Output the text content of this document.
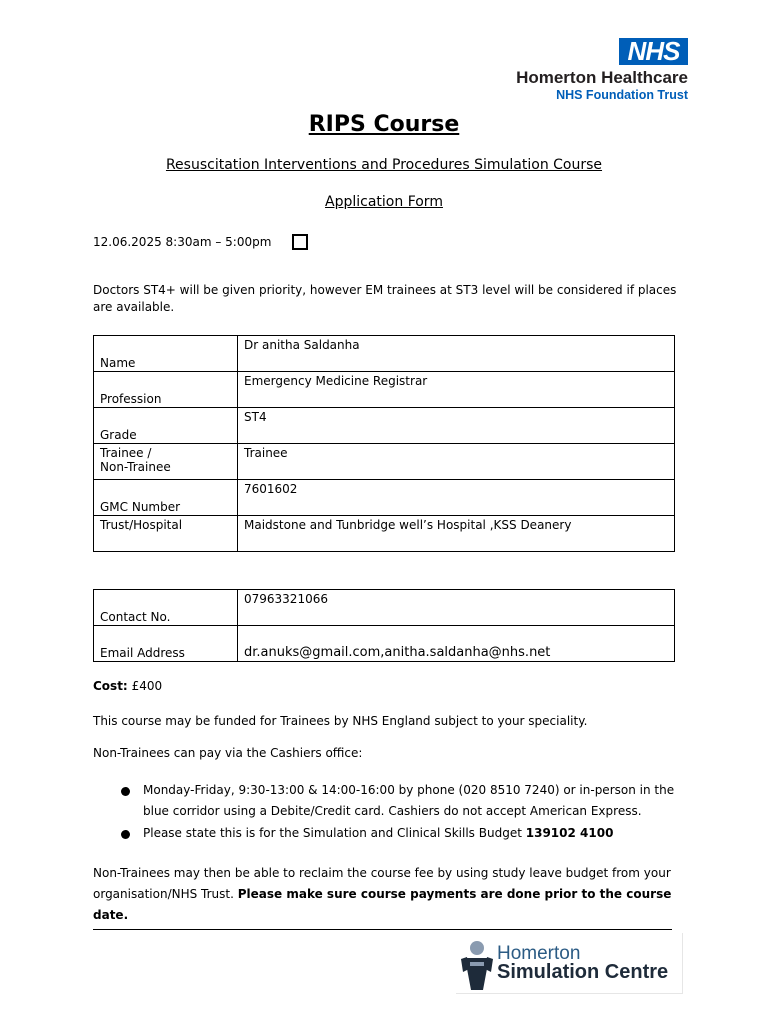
NHS
Homerton Healthcare
NHS Foundation Trust
RIPS Course
Resuscitation Interventions and Procedures Simulation Course
Application Form
12.06.2025 8:30am – 5:00pm
Doctors ST4+ will be given priority, however EM trainees at ST3 level will be considered if places are available.
Name	Dr anitha Saldanha

Profession	Emergency Medicine Registrar

Grade	ST4

Trainee /
Non-Trainee	Trainee

GMC Number	7601602

Trust/Hospital	Maidstone and Tunbridge well’s Hospital ,KSS Deanery
Contact No.	07963321066

Email Address	dr.anuks@gmail.com,anitha.saldanha@nhs.net
Cost: £400
This course may be funded for Trainees by NHS England subject to your speciality.
Non-Trainees can pay via the Cashiers office:
Monday-Friday, 9:30-13:00 & 14:00-16:00 by phone (020 8510 7240) or in-person in the
blue corridor using a Debite/Credit card. Cashiers do not accept American Express.
Please state this is for the Simulation and Clinical Skills Budget 139102 4100
Non-Trainees may then be able to reclaim the course fee by using study leave budget from your
organisation/NHS Trust. Please make sure course payments are done prior to the course date.
Homerton
Simulation Centre
